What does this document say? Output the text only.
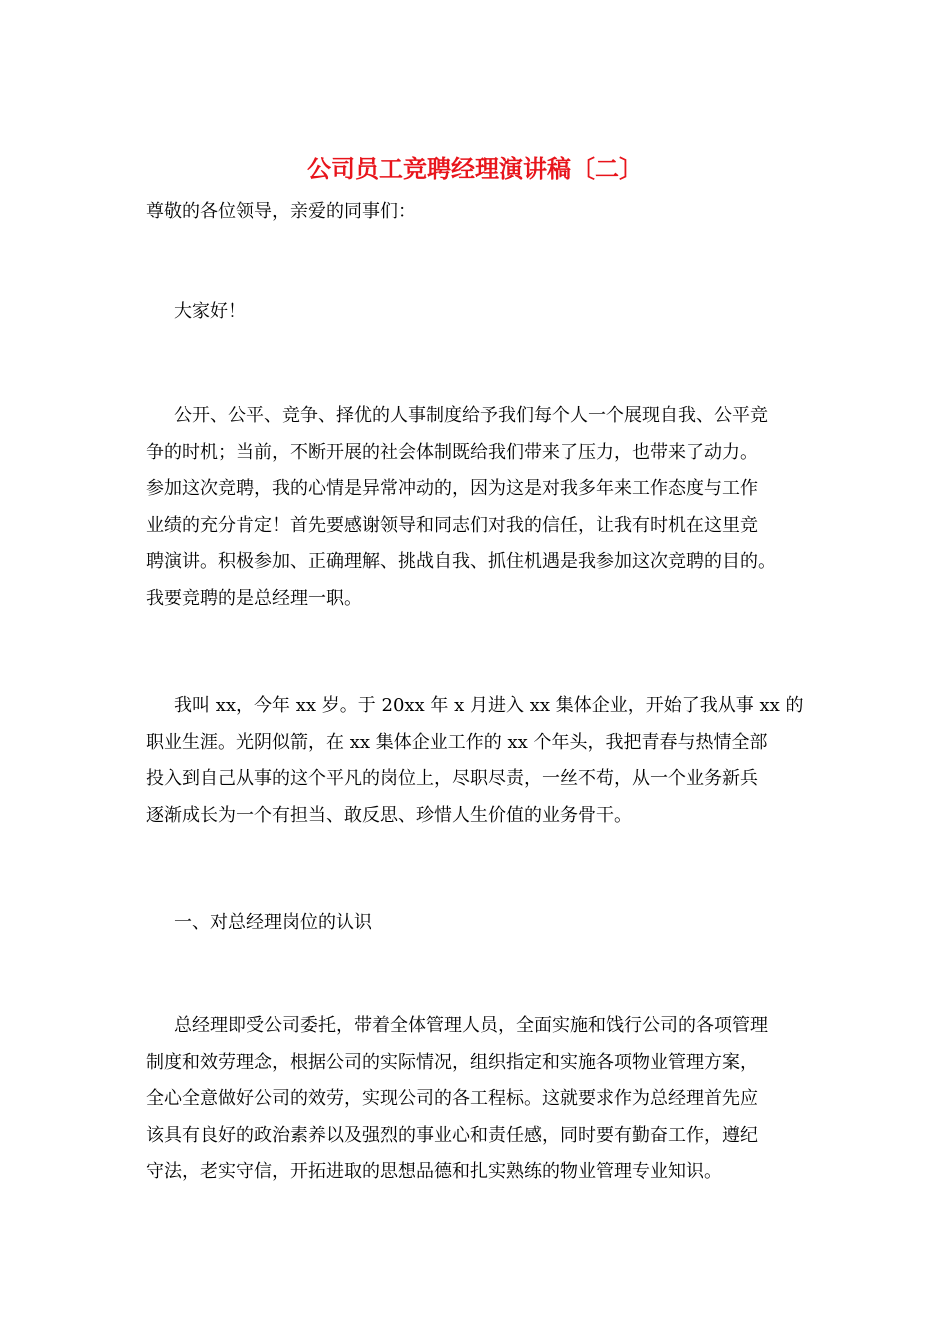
公司员工竞聘经理演讲稿〔二〕
尊敬的各位领导，亲爱的同事们：
大家好！
公开、公平、竞争、择优的人事制度给予我们每个人一个展现自我、公平竞
争的时机；当前，不断开展的社会体制既给我们带来了压力，也带来了动力。
参加这次竞聘，我的心情是异常冲动的，因为这是对我多年来工作态度与工作
业绩的充分肯定！首先要感谢领导和同志们对我的信任，让我有时机在这里竞
聘演讲。积极参加、正确理解、挑战自我、抓住机遇是我参加这次竞聘的目的。
我要竞聘的是总经理一职。
我叫 xx，今年 xx 岁。于 20xx 年 x 月进入 xx 集体企业，开始了我从事 xx 的
职业生涯。光阴似箭，在 xx 集体企业工作的 xx 个年头，我把青春与热情全部
投入到自己从事的这个平凡的岗位上，尽职尽责，一丝不苟，从一个业务新兵
逐渐成长为一个有担当、敢反思、珍惜人生价值的业务骨干。
一、对总经理岗位的认识
总经理即受公司委托，带着全体管理人员，全面实施和饯行公司的各项管理
制度和效劳理念，根据公司的实际情况，组织指定和实施各项物业管理方案，
全心全意做好公司的效劳，实现公司的各工程标。这就要求作为总经理首先应
该具有良好的政治素养以及强烈的事业心和责任感，同时要有勤奋工作，遵纪
守法，老实守信，开拓进取的思想品德和扎实熟练的物业管理专业知识。
